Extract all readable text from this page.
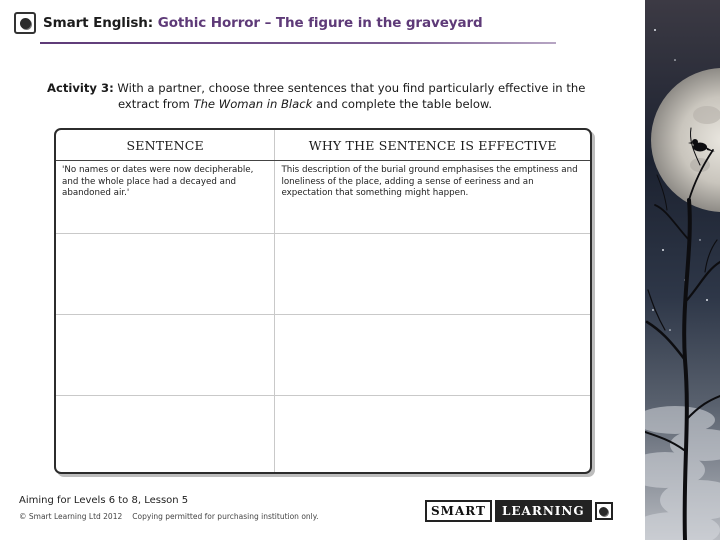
Smart English: Gothic Horror – The figure in the graveyard
Activity 3: With a partner, choose three sentences that you find particularly effective in the
extract from The Woman in Black and complete the table below.
SENTENCE	WHY THE SENTENCE IS EFFECTIVE
'No names or dates were now decipherable, and the whole place had a decayed and abandoned air.'	This description of the burial ground emphasises the emptiness and loneliness of the place, adding a sense of eeriness and an expectation that something might happen.

Aiming for Levels 6 to 8, Lesson 5
© Smart Learning Ltd 2012 Copying permitted for purchasing institution only.	SMART	LEARNING
